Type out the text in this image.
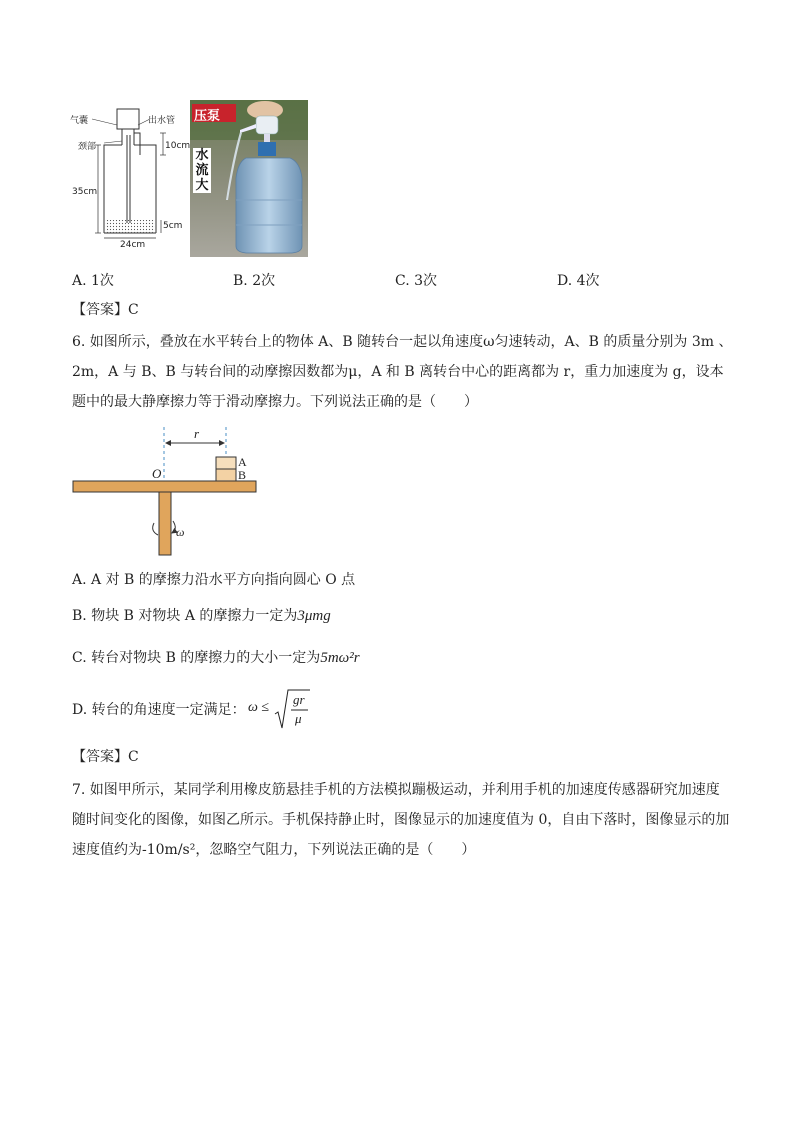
气囊	出水管
颈部	10cm
35cm
5cm
24cm
压泵
水
流
大
A. 1次	B. 2次	C. 3次	D. 4次
【答案】C
6. 如图所示，叠放在水平转台上的物体 A、B 随转台一起以角速度ω匀速转动，A、B 的质量分别为 3m 、
2m，A 与 B、B 与转台间的动摩擦因数都为μ，A 和 B 离转台中心的距离都为 r，重力加速度为 g，设本
题中的最大静摩擦力等于滑动摩擦力。下列说法正确的是（　　）
r
O
A
B
ω
A. A 对 B 的摩擦力沿水平方向指向圆心 O 点
B. 物块 B 对物块 A 的摩擦力一定为3μmg
C. 转台对物块 B 的摩擦力的大小一定为5mω²r
D. 转台的角速度一定满足： ω ≤
gr
μ
【答案】C
7. 如图甲所示，某同学利用橡皮筋悬挂手机的方法模拟蹦极运动，并利用手机的加速度传感器研究加速度
随时间变化的图像，如图乙所示。手机保持静止时，图像显示的加速度值为 0，自由下落时，图像显示的加
速度值约为-10m/s²，忽略空气阻力，下列说法正确的是（　　）
